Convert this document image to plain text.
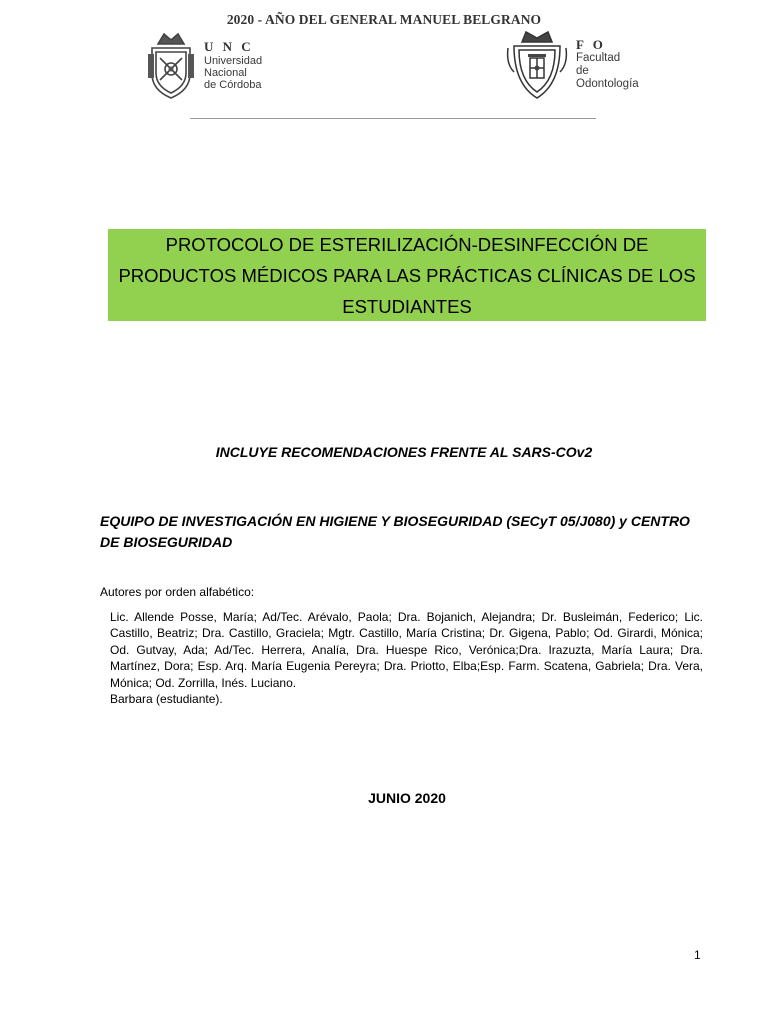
2020 - AÑO DEL GENERAL MANUEL BELGRANO
U N C
Universidad
Nacional
de Córdoba
F O
Facultad
de
Odontología
PROTOCOLO DE ESTERILIZACIÓN-DESINFECCIÓN DE PRODUCTOS MÉDICOS PARA LAS PRÁCTICAS CLÍNICAS DE LOS ESTUDIANTES
INCLUYE RECOMENDACIONES FRENTE AL SARS-COv2
EQUIPO DE INVESTIGACIÓN EN HIGIENE Y BIOSEGURIDAD (SECyT 05/J080) y CENTRO DE BIOSEGURIDAD
Autores por orden alfabético:
Lic. Allende Posse, María; Ad/Tec. Arévalo, Paola; Dra. Bojanich, Alejandra; Dr. Busleimán, Federico; Lic. Castillo, Beatriz; Dra. Castillo, Graciela; Mgtr. Castillo, María Cristina; Dr. Gigena, Pablo; Od. Girardi, Mónica; Od. Gutvay, Ada; Ad/Tec. Herrera, Analía, Dra. Huespe Rico, Verónica;Dra. Irazuzta, María Laura; Dra. Martínez, Dora; Esp. Arq. María Eugenia Pereyra; Dra. Priotto, Elba;Esp. Farm. Scatena, Gabriela; Dra. Vera, Mónica; Od. Zorrilla, Inés. Luciano.
Barbara (estudiante).
JUNIO 2020
1
